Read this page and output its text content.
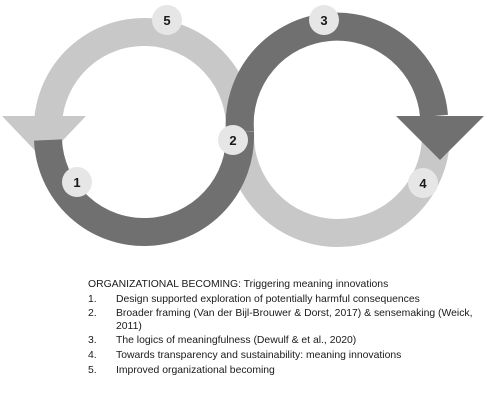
1
2
3
4
5
ORGANIZATIONAL BECOMING: Triggering meaning innovations
1. Design supported exploration of potentially harmful consequences
2. Broader framing (Van der Bijl-Brouwer & Dorst, 2017) & sensemaking (Weick, 2011)
3. The logics of meaningfulness (Dewulf & et al., 2020)
4. Towards transparency and sustainability: meaning innovations
5. Improved organizational becoming
